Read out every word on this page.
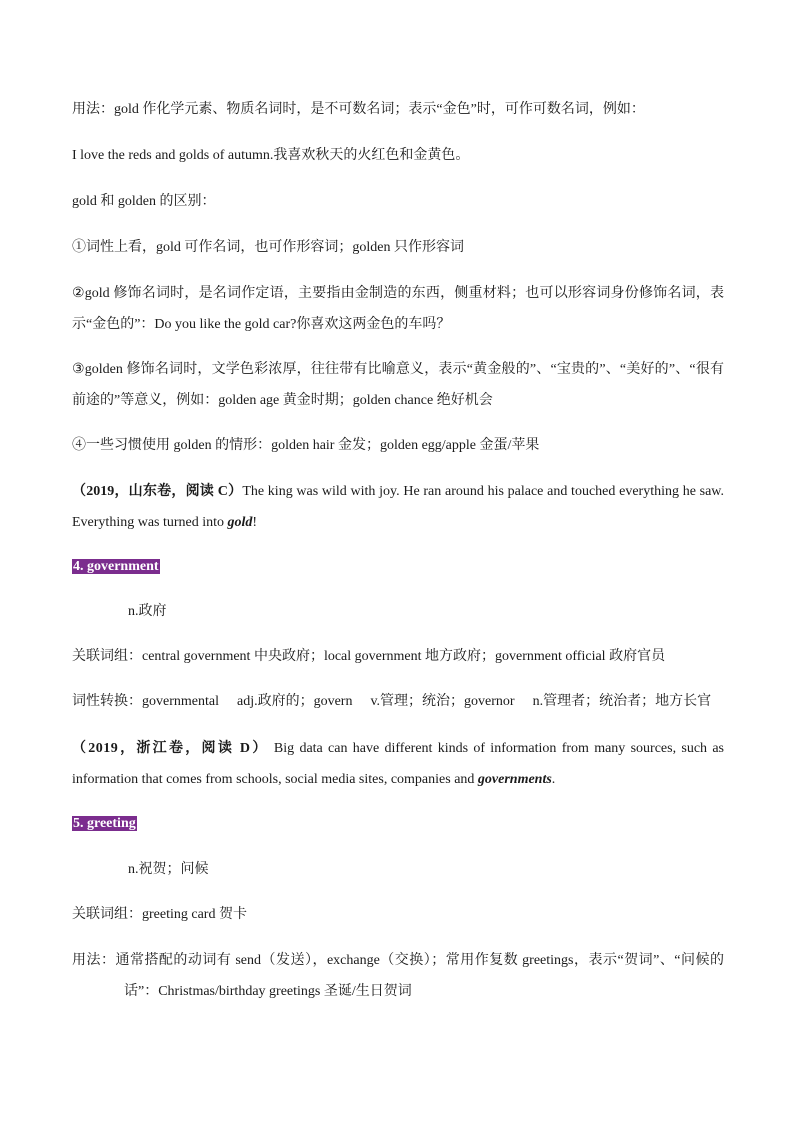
用法：gold 作化学元素、物质名词时，是不可数名词；表示“金色”时，可作可数名词，例如：
I love the reds and golds of autumn.我喜欢秋天的火红色和金黄色。
gold 和 golden 的区别：
①词性上看，gold 可作名词，也可作形容词；golden 只作形容词
②gold 修饰名词时，是名词作定语，主要指由金制造的东西，侧重材料；也可以形容词身份修饰名词，表示“金色的”：Do you like the gold car?你喜欢这两金色的车吗？
③golden 修饰名词时，文学色彩浓厚，往往带有比喻意义，表示“黄金般的”、“宝贵的”、“美好的”、“很有前途的”等意义，例如：golden age 黄金时期；golden chance 绝好机会
④一些习惯使用 golden 的情形：golden hair 金发；golden egg/apple 金蛋/苹果
（2019，山东卷，阅读 C）The king was wild with joy. He ran around his palace and touched everything he saw. Everything was turned into gold!
4. government
n.政府
关联词组：central government 中央政府；local government 地方政府；government official 政府官员
词性转换：governmental adj.政府的；govern v.管理；统治；governor n.管理者；统治者；地方长官
（2019，浙江卷，阅读 D） Big data can have different kinds of information from many sources, such as information that comes from schools, social media sites, companies and governments.
5. greeting
n.祝贺；问候
关联词组：greeting card 贺卡
用法：通常搭配的动词有 send（发送），exchange（交换）；常用作复数 greetings，表示“贺词”、“问候的话”：Christmas/birthday greetings 圣诞/生日贺词
